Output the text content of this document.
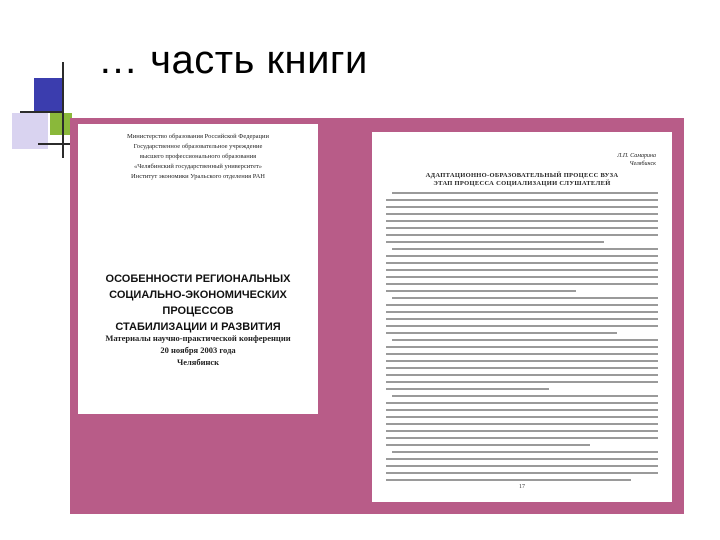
… часть книги
Министерство образования Российской Федерации
Государственное образовательное учреждение
высшего профессионального образования
«Челябинский государственный университет»
Институт экономики Уральского отделения РАН
ОСОБЕННОСТИ РЕГИОНАЛЬНЫХ
СОЦИАЛЬНО-ЭКОНОМИЧЕСКИХ ПРОЦЕССОВ
СТАБИЛИЗАЦИИ И РАЗВИТИЯ
Материалы научно-практической конференции
20 ноября 2003 года
Челябинск
Л.П. Самарина
Челябинск
АДАПТАЦИОННО-ОБРАЗОВАТЕЛЬНЫЙ ПРОЦЕСС ВУЗА
ЭТАП ПРОЦЕССА СОЦИАЛИЗАЦИИ СЛУШАТЕЛЕЙ
17
